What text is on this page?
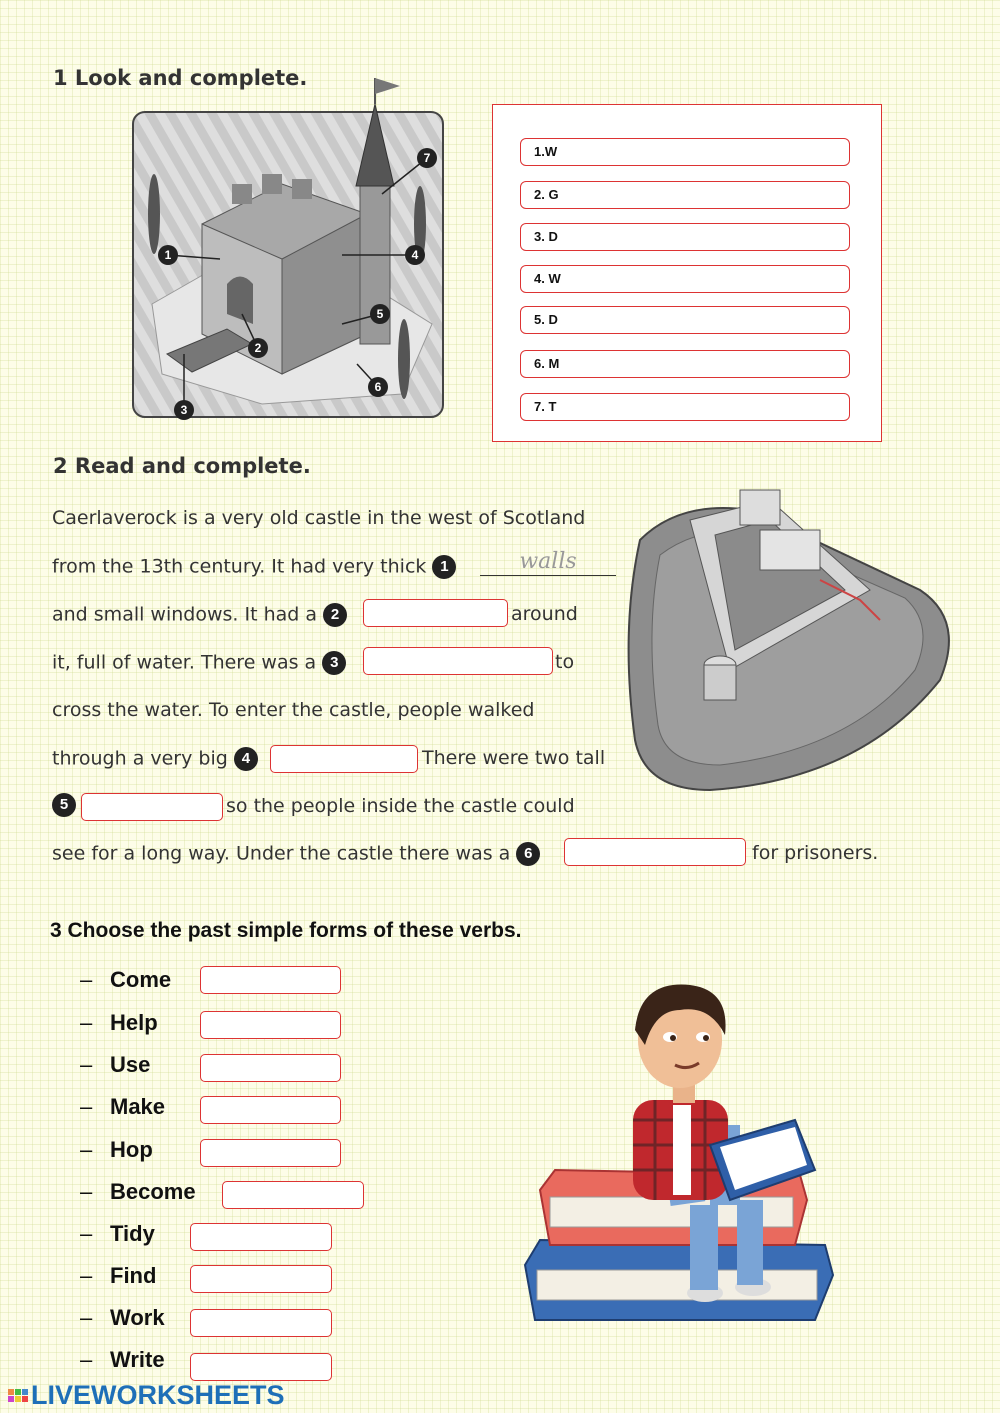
1 Look and complete.
1
2
3
4
5
6
7	1.W
2. G
3. D
4. W
5. D
6. M
7. T
2 Read and complete.
Caerlaverock is a very old castle in the west of Scotland
from the 13th century. It had very thick 1	walls
and small windows. It had a 2	around
it, full of water. There was a 3	to
cross the water. To enter the castle, people walked
through a very big 4	There were two tall
5	so the people inside the castle could
see for a long way. Under the castle there was a 6	for prisoners.
3 Choose the past simple forms of these verbs.
– Come
– Help
– Use
– Make
– Hop
– Become
– Tidy
– Find
– Work
– Write
LIVEWORKSHEETS
